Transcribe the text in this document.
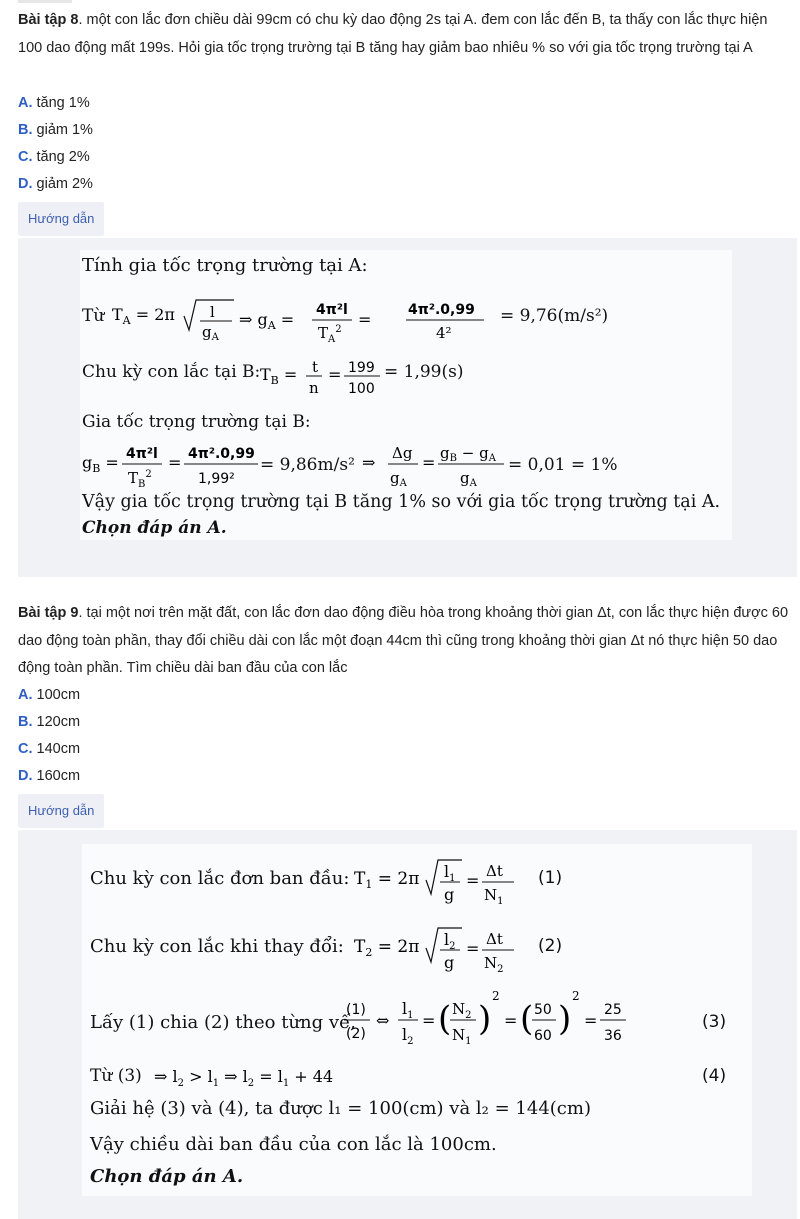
Bài tập 8. một con lắc đơn chiều dài 99cm có chu kỳ dao động 2s tại A. đem con lắc đến B, ta thấy con lắc thực hiện 100 dao động mất 199s. Hỏi gia tốc trọng trường tại B tăng hay giảm bao nhiêu % so với gia tốc trọng trường tại A
A. tăng 1%
B. giảm 1%
C. tăng 2%
D. giảm 2%
Hướng dẫn
Tính gia tốc trọng trường tại A:
Từ $T_A = 2\pi$ l
$g_A$
⇒ $g_A = 4\pi^2l$
$T_A^2$
=	4π².0,99
4²
= 9,76(m/s²)
Chu kỳ con lắc tại B: $T_B = t$
n
= 199
100
= 1,99(s)
Gia tốc trọng trường tại B:
$g_B = 4\pi^2l$
$T_B^2$
= 4π².0,99
1,99²
= 9,86m/s² ⇒ Δg
$g_A$
= $g_B - g_A$
$g_A$
= 0,01 = 1%
Vậy gia tốc trọng trường tại B tăng 1% so với gia tốc trọng trường tại A.
Chọn đáp án A.
Bài tập 9. tại một nơi trên mặt đất, con lắc đơn dao động điều hòa trong khoảng thời gian Δt, con lắc thực hiện được 60 dao động toàn phần, thay đổi chiều dài con lắc một đoạn 44cm thì cũng trong khoảng thời gian Δt nó thực hiện 50 dao động toàn phần. Tìm chiều dài ban đầu của con lắc
A. 100cm
B. 120cm
C. 140cm
D. 160cm
Hướng dẫn
Chu kỳ con lắc đơn ban đầu: $T_1 = 2\pi$ $l_1$
g
= Δt
$N_1$
(1)
Chu kỳ con lắc khi thay đổi: $T_2 = 2\pi$ $l_2$
g
= Δt
$N_2$
(2)
Lấy (1) chia (2) theo từng vế,
(1)
(2)
⇔
$l_1$
$l_2$
= ( $N_2$
$N_1$
)
2
= ( 50
60 )
2
=
25
36
(3)
Từ (3) ⇒ $l_2 > l_1$ ⇒ $l_2 = l_1 + 44$	(4)
Giải hệ (3) và (4), ta được l₁ = 100(cm) và l₂ = 144(cm)
Vậy chiều dài ban đầu của con lắc là 100cm.
Chọn đáp án A.
